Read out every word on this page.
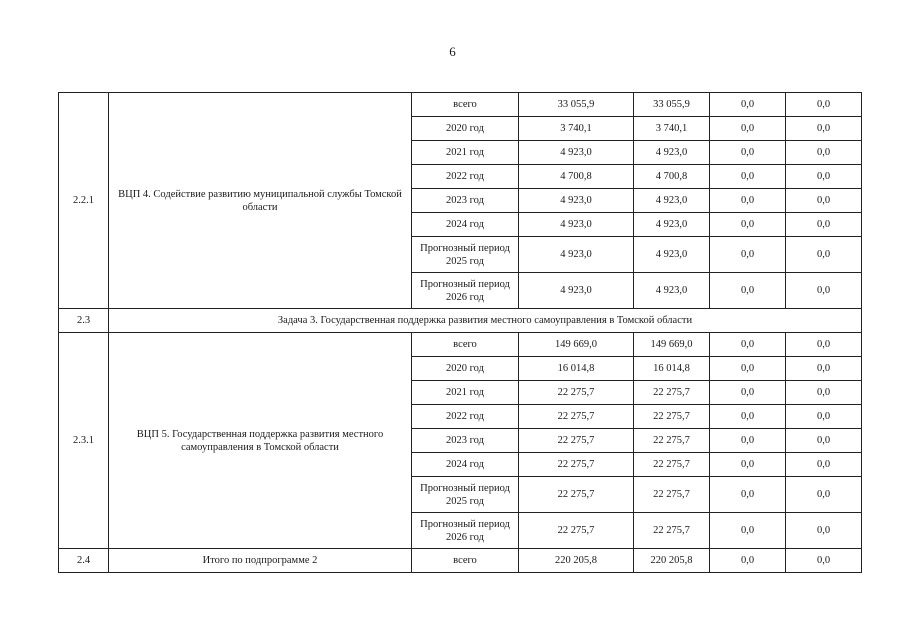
6
2.2.1	ВЦП 4. Содействие развитию муниципальной службы Томской области	всего	33 055,9	33 055,9	0,0	0,0
		2020 год	3 740,1	3 740,1	0,0	0,0
		2021 год	4 923,0	4 923,0	0,0	0,0
		2022 год	4 700,8	4 700,8	0,0	0,0
		2023 год	4 923,0	4 923,0	0,0	0,0
		2024 год	4 923,0	4 923,0	0,0	0,0
		Прогнозный период 2025 год	4 923,0	4 923,0	0,0	0,0
		Прогнозный период 2026 год	4 923,0	4 923,0	0,0	0,0
2.3	Задача 3. Государственная поддержка развития местного самоуправления в Томской области					
2.3.1	ВЦП 5. Государственная поддержка развития местного самоуправления в Томской области	всего	149 669,0	149 669,0	0,0	0,0
		2020 год	16 014,8	16 014,8	0,0	0,0
		2021 год	22 275,7	22 275,7	0,0	0,0
		2022 год	22 275,7	22 275,7	0,0	0,0
		2023 год	22 275,7	22 275,7	0,0	0,0
		2024 год	22 275,7	22 275,7	0,0	0,0
		Прогнозный период 2025 год	22 275,7	22 275,7	0,0	0,0
		Прогнозный период 2026 год	22 275,7	22 275,7	0,0	0,0
2.4	Итого по подпрограмме 2	всего	220 205,8	220 205,8	0,0	0,0
